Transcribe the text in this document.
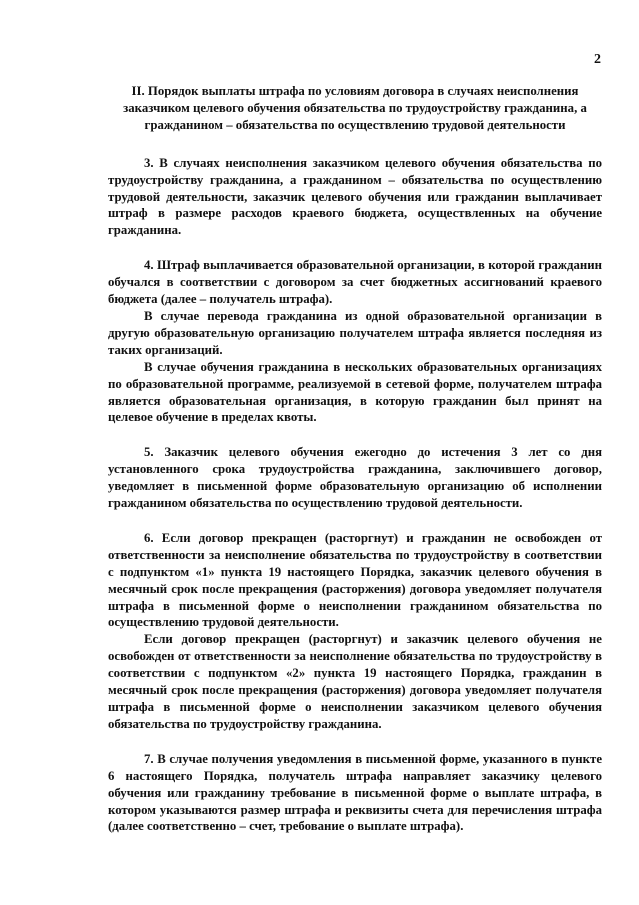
2
II. Порядок выплаты штрафа по условиям договора в случаях неисполнения заказчиком целевого обучения обязательства по трудоустройству гражданина, а гражданином – обязательства по осуществлению трудовой деятельности

3. В случаях неисполнения заказчиком целевого обучения обязательства по трудоустройству гражданина, а гражданином – обязательства по осуществлению трудовой деятельности, заказчик целевого обучения или гражданин выплачивает штраф в размере расходов краевого бюджета, осуществленных на обучение гражданина.

4. Штраф выплачивается образовательной организации, в которой гражданин обучался в соответствии с договором за счет бюджетных ассигнований краевого бюджета (далее – получатель штрафа).

В случае перевода гражданина из одной образовательной организации в другую образовательную организацию получателем штрафа является последняя из таких организаций.

В случае обучения гражданина в нескольких образовательных организациях по образовательной программе, реализуемой в сетевой форме, получателем штрафа является образовательная организация, в которую гражданин был принят на целевое обучение в пределах квоты.

5. Заказчик целевого обучения ежегодно до истечения 3 лет со дня установленного срока трудоустройства гражданина, заключившего договор, уведомляет в письменной форме образовательную организацию об исполнении гражданином обязательства по осуществлению трудовой деятельности.

6. Если договор прекращен (расторгнут) и гражданин не освобожден от ответственности за неисполнение обязательства по трудоустройству в соответствии с подпунктом «1» пункта 19 настоящего Порядка, заказчик целевого обучения в месячный срок после прекращения (расторжения) договора уведомляет получателя штрафа в письменной форме о неисполнении гражданином обязательства по осуществлению трудовой деятельности.

Если договор прекращен (расторгнут) и заказчик целевого обучения не освобожден от ответственности за неисполнение обязательства по трудоустройству в соответствии с подпунктом «2» пункта 19 настоящего Порядка, гражданин в месячный срок после прекращения (расторжения) договора уведомляет получателя штрафа в письменной форме о неисполнении заказчиком целевого обучения обязательства по трудоустройству гражданина.

7. В случае получения уведомления в письменной форме, указанного в пункте 6 настоящего Порядка, получатель штрафа направляет заказчику целевого обучения или гражданину требование в письменной форме о выплате штрафа, в котором указываются размер штрафа и реквизиты счета для перечисления штрафа (далее соответственно – счет, требование о выплате штрафа).
